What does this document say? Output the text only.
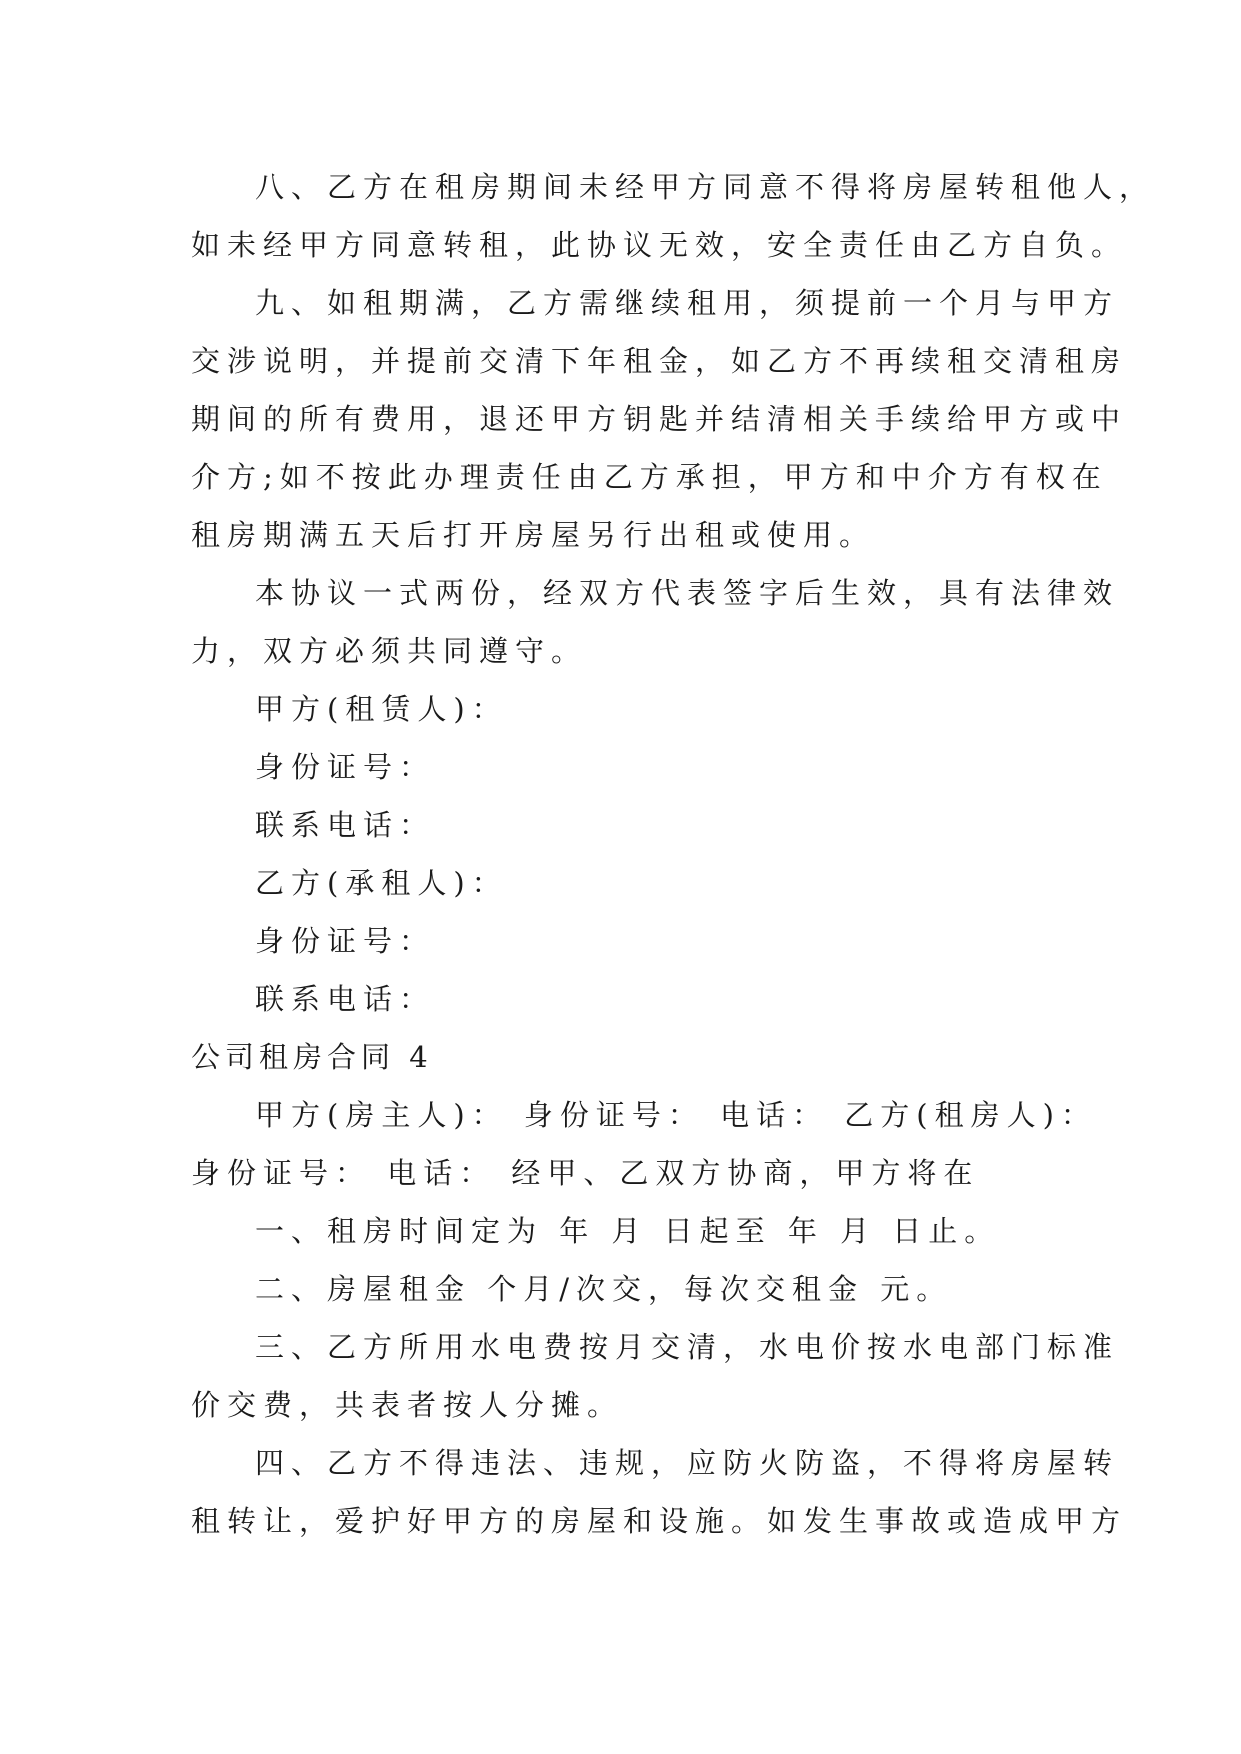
八、乙方在租房期间未经甲方同意不得将房屋转租他人，
如未经甲方同意转租，此协议无效，安全责任由乙方自负。
九、如租期满，乙方需继续租用，须提前一个月与甲方
交涉说明，并提前交清下年租金，如乙方不再续租交清租房
期间的所有费用，退还甲方钥匙并结清相关手续给甲方或中
介方;如不按此办理责任由乙方承担，甲方和中介方有权在
租房期满五天后打开房屋另行出租或使用。
本协议一式两份，经双方代表签字后生效，具有法律效
力，双方必须共同遵守。
甲方(租赁人)：
身份证号：
联系电话：
乙方(承租人)：
身份证号：
联系电话：
公司租房合同 4
甲方(房主人)： 身份证号： 电话： 乙方(租房人)：
身份证号： 电话： 经甲、乙双方协商，甲方将在
一、租房时间定为 年 月 日起至 年 月 日止。
二、房屋租金 个月/次交，每次交租金 元。
三、乙方所用水电费按月交清，水电价按水电部门标准
价交费，共表者按人分摊。
四、乙方不得违法、违规，应防火防盗，不得将房屋转
租转让，爱护好甲方的房屋和设施。如发生事故或造成甲方
